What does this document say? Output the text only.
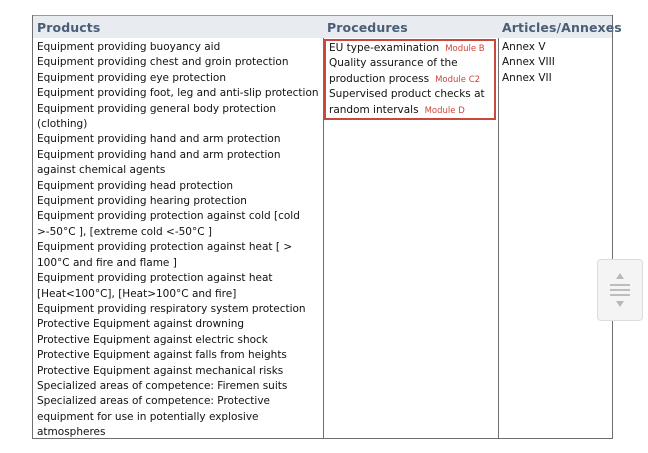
Products	Procedures	Articles/Annexes
Equipment providing buoyancy aid
Equipment providing chest and groin protection
Equipment providing eye protection
Equipment providing foot, leg and anti-slip protection
Equipment providing general body protection (clothing)
Equipment providing hand and arm protection
Equipment providing hand and arm protection against chemical agents
Equipment providing head protection
Equipment providing hearing protection
Equipment providing protection against cold [cold >-50°C ], [extreme cold <-50°C ]
Equipment providing protection against heat [ > 100°C and fire and flame ]
Equipment providing protection against heat [Heat<100°C], [Heat>100°C and fire]
Equipment providing respiratory system protection
Protective Equipment against drowning
Protective Equipment against electric shock
Protective Equipment against falls from heights
Protective Equipment against mechanical risks
Specialized areas of competence: Firemen suits
Specialized areas of competence: Protective equipment for use in potentially explosive atmospheres
EU type-examination Module B
Quality assurance of the
production process Module C2
Supervised product checks at
random intervals Module D
Annex V
Annex VIII
Annex VII
